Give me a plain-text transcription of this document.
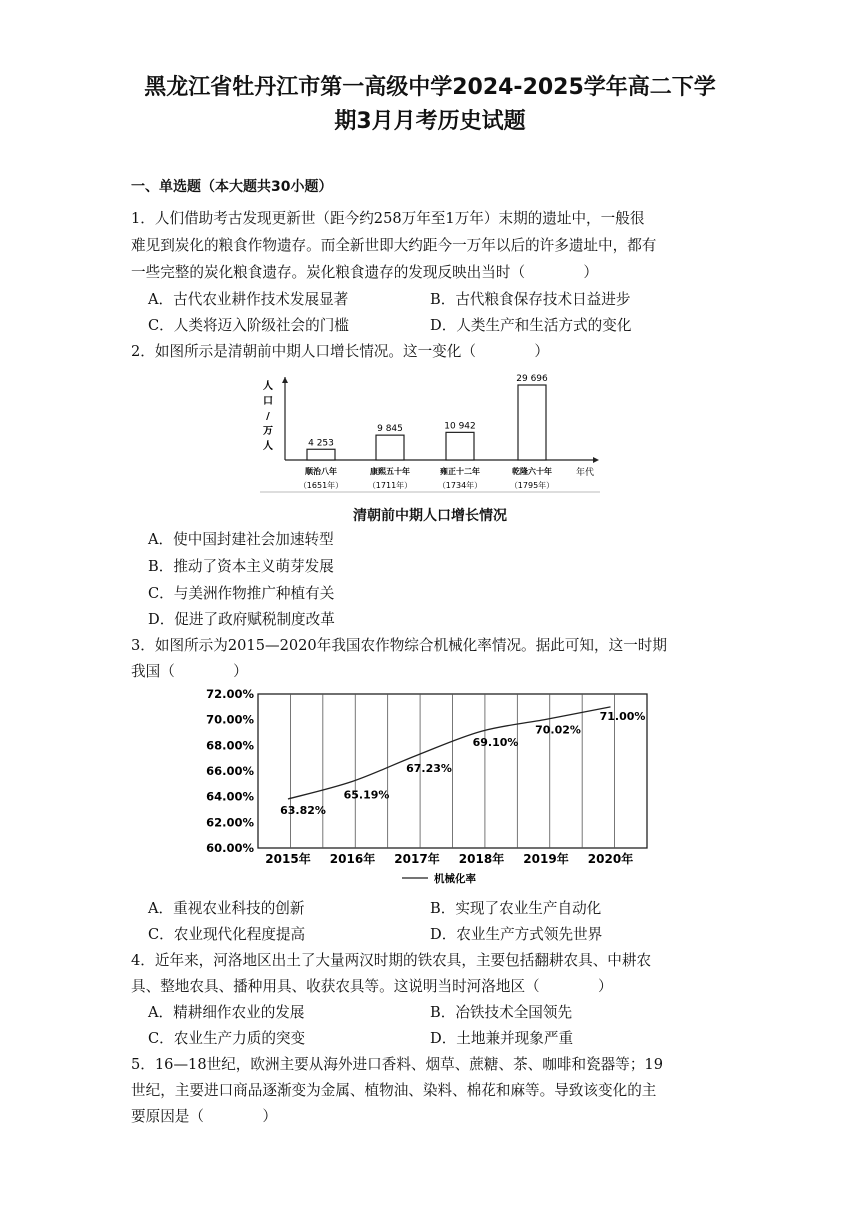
黑龙江省牡丹江市第一高级中学2024-2025学年高二下学
期3月月考历史试题
一、单选题（本大题共30小题）
1．人们借助考古发现更新世（距今约258万年至1万年）末期的遗址中，一般很
难见到炭化的粮食作物遗存。而全新世即大约距今一万年以后的许多遗址中，都有
一些完整的炭化粮食遗存。炭化粮食遗存的发现反映出当时（　　　　）
A．古代农业耕作技术发展显著	B．古代粮食保存技术日益进步
C．人类将迈入阶级社会的门槛	D．人类生产和生活方式的变化
2．如图所示是清朝前中期人口增长情况。这一变化（　　　　）
人
口
/
万
人
年代
4 253
顺治八年
（1651年）
9 845
康熙五十年
（1711年）
10 942
雍正十二年
（1734年）
29 696
乾隆六十年
（1795年）
清朝前中期人口增长情况
A．使中国封建社会加速转型
B．推动了资本主义萌芽发展
C．与美洲作物推广种植有关
D．促进了政府赋税制度改革
3．如图所示为2015—2020年我国农作物综合机械化率情况。据此可知，这一时期
我国（　　　　）
72.00%
70.00%
68.00%
66.00%
64.00%
62.00%
60.00%
2015年 2016年 2017年 2018年 2019年 2020年
63.82%
65.19%
67.23%
69.10%
70.02%
71.00%
机械化率
A．重视农业科技的创新	B．实现了农业生产自动化
C．农业现代化程度提高	D．农业生产方式领先世界
4．近年来，河洛地区出土了大量两汉时期的铁农具，主要包括翻耕农具、中耕农
具、整地农具、播种用具、收获农具等。这说明当时河洛地区（　　　　）
A．精耕细作农业的发展	B．冶铁技术全国领先
C．农业生产力质的突变	D．土地兼并现象严重
5．16—18世纪，欧洲主要从海外进口香料、烟草、蔗糖、茶、咖啡和瓷器等；19
世纪，主要进口商品逐渐变为金属、植物油、染料、棉花和麻等。导致该变化的主
要原因是（　　　　）
